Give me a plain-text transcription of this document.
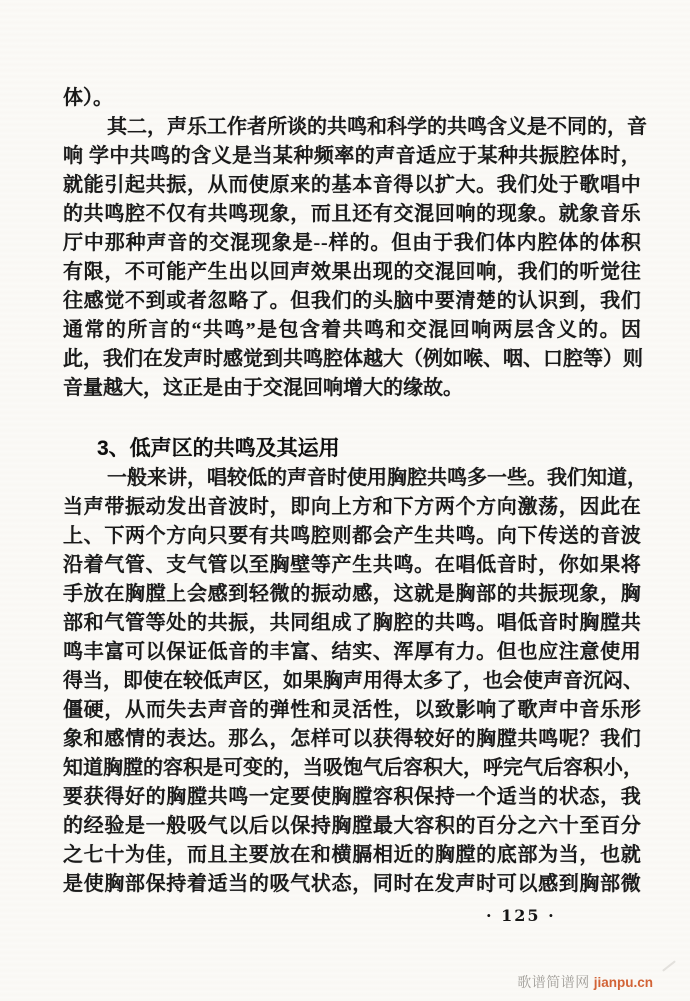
体）。
其 二 ， 声 乐 工 作 者 所 谈 的 共 鸣 和 科 学 的 共 鸣 含 义 是 不 同 的 ， 音
响
学 中 共 鸣 的 含 义 是 当 某 种 频 率 的 声 音 适 应 于 某 种 共 振 腔 体 时 ，
就 能 引 起 共 振 ， 从 而 使 原 来 的 基 本 音 得 以 扩 大 。 我 们 处 于 歌 唱 中
的 共 鸣 腔 不 仅 有 共 鸣 现 象 ， 而 且 还 有 交 混 回 响 的 现 象 。 就 象 音 乐
厅 中 那 种 声 音 的 交 混 现 象 是 - - 样 的 。 但 由 于 我 们 体 内 腔 体 的 体 积
有 限 ， 不 可 能 产 生 出 以 回 声 效 果 出 现 的 交 混 回 响 ， 我 们 的 听 觉 往
往 感 觉 不 到 或 者 忽 略 了 。 但 我 们 的 头 脑 中 要 清 楚 的 认 识 到 ， 我 们
通 常 的 所 言 的 “ 共 鸣 ” 是 包 含 着 共 鸣 和 交 混 回 响 两 层 含 义 的 。 因
此 ， 我 们 在 发 声 时 感 觉 到 共 鸣 腔 体 越 大 （ 例 如 喉 、 咽 、 口 腔 等 ） 则
音量越大，这正是由于交混回响增大的缘故。
3、低声区的共鸣及其运用
一 般 来 讲 ， 唱 较 低 的 声 音 时 使 用 胸 腔 共 鸣 多 一 些 。 我 们 知 道 ，
当 声 带 振 动 发 出 音 波 时 ， 即 向 上 方 和 下 方 两 个 方 向 激 荡 ， 因 此 在
上 、 下 两 个 方 向 只 要 有 共 鸣 腔 则 都 会 产 生 共 鸣 。 向 下 传 送 的 音 波
沿 着 气 管 、 支 气 管 以 至 胸 壁 等 产 生 共 鸣 。 在 唱 低 音 时 ， 你 如 果 将
手 放 在 胸 膛 上 会 感 到 轻 微 的 振 动 感 ， 这 就 是 胸 部 的 共 振 现 象 ， 胸
部 和 气 管 等 处 的 共 振 ， 共 同 组 成 了 胸 腔 的 共 鸣 。 唱 低 音 时 胸 膛 共
鸣 丰 富 可 以 保 证 低 音 的 丰 富 、 结 实 、 浑 厚 有 力 。 但 也 应 注 意 使 用
得 当 ， 即 使 在 较 低 声 区 ， 如 果 胸 声 用 得 太 多 了 ， 也 会 使 声 音 沉 闷 、
僵 硬 ， 从 而 失 去 声 音 的 弹 性 和 灵 活 性 ， 以 致 影 响 了 歌 声 中 音 乐 形
象 和 感 情 的 表 达 。 那 么 ， 怎 样 可 以 获 得 较 好 的 胸 膛 共 鸣 呢 ？ 我 们
知 道 胸 膛 的 容 积 是 可 变 的 ， 当 吸 饱 气 后 容 积 大 ， 呼 完 气 后 容 积 小 ，
要 获 得 好 的 胸 膛 共 鸣 一 定 要 使 胸 膛 容 积 保 持 一 个 适 当 的 状 态 ， 我
的 经 验 是 一 般 吸 气 以 后 以 保 持 胸 膛 最 大 容 积 的 百 分 之 六 十 至 百 分
之 七 十 为 佳 ， 而 且 主 要 放 在 和 横 膈 相 近 的 胸 膛 的 底 部 为 当 ， 也 就
是 使 胸 部 保 持 着 适 当 的 吸 气 状 态 ， 同 时 在 发 声 时 可 以 感 到 胸 部 微
· 125 ·
歌谱简谱网 jianpu.cn
